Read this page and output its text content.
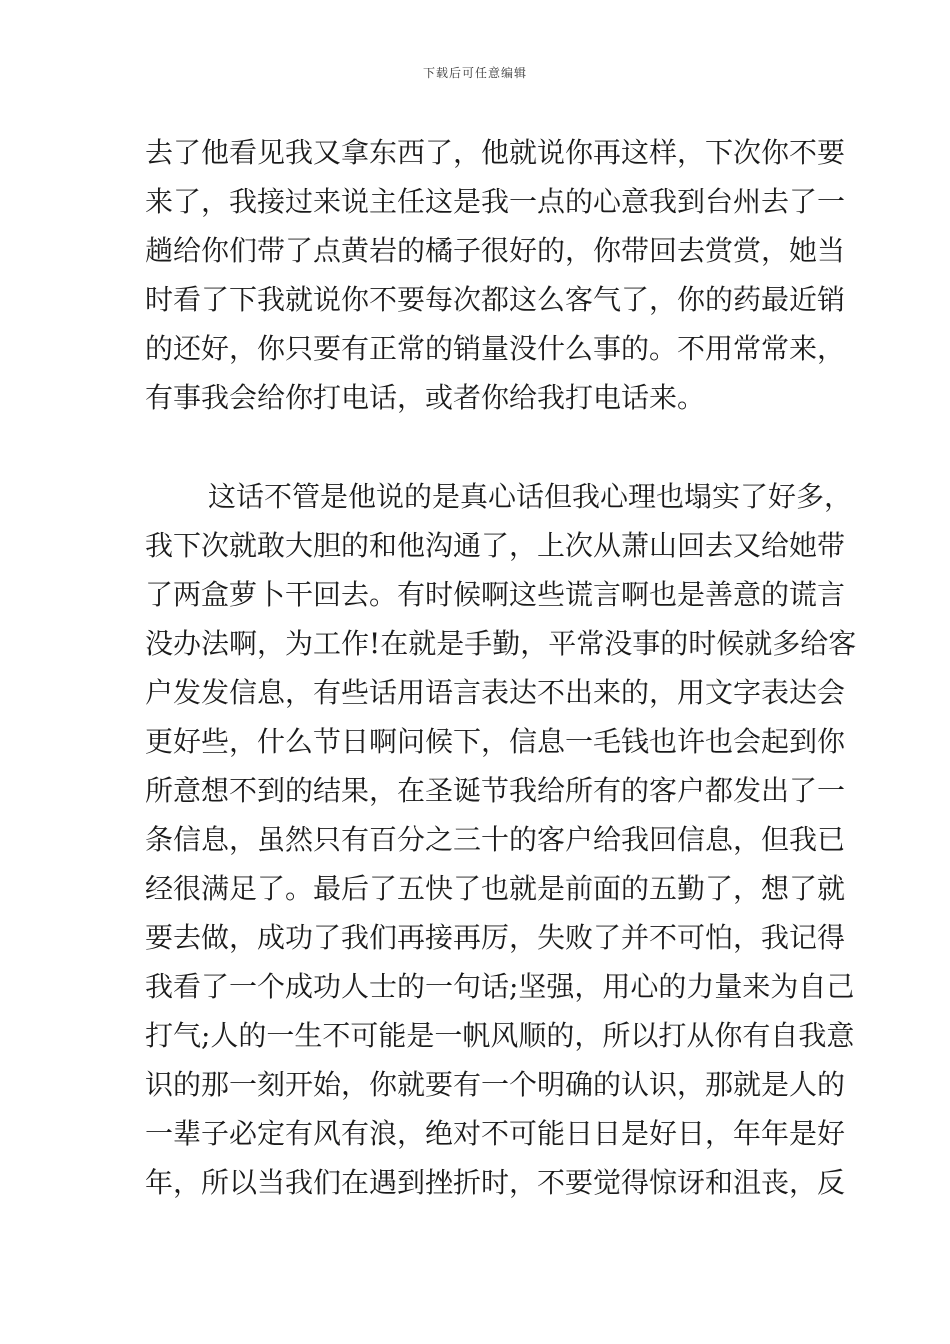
下载后可任意编辑
去了他看见我又拿东西了，他就说你再这样，下次你不要
来了，我接过来说主任这是我一点的心意我到台州去了一
趟给你们带了点黄岩的橘子很好的，你带回去赏赏，她当
时看了下我就说你不要每次都这么客气了，你的药最近销
的还好，你只要有正常的销量没什么事的。不用常常来，
有事我会给你打电话，或者你给我打电话来。
这话不管是他说的是真心话但我心理也塌实了好多，
我下次就敢大胆的和他沟通了，上次从萧山回去又给她带
了两盒萝卜干回去。有时候啊这些谎言啊也是善意的谎言
没办法啊，为工作!在就是手勤，平常没事的时候就多给客
户发发信息，有些话用语言表达不出来的，用文字表达会
更好些，什么节日啊问候下，信息一毛钱也许也会起到你
所意想不到的结果，在圣诞节我给所有的客户都发出了一
条信息，虽然只有百分之三十的客户给我回信息，但我已
经很满足了。最后了五快了也就是前面的五勤了，想了就
要去做，成功了我们再接再厉，失败了并不可怕，我记得
我看了一个成功人士的一句话;坚强，用心的力量来为自己
打气;人的一生不可能是一帆风顺的，所以打从你有自我意
识的那一刻开始，你就要有一个明确的认识，那就是人的
一辈子必定有风有浪，绝对不可能日日是好日，年年是好
年，所以当我们在遇到挫折时，不要觉得惊讶和沮丧，反
